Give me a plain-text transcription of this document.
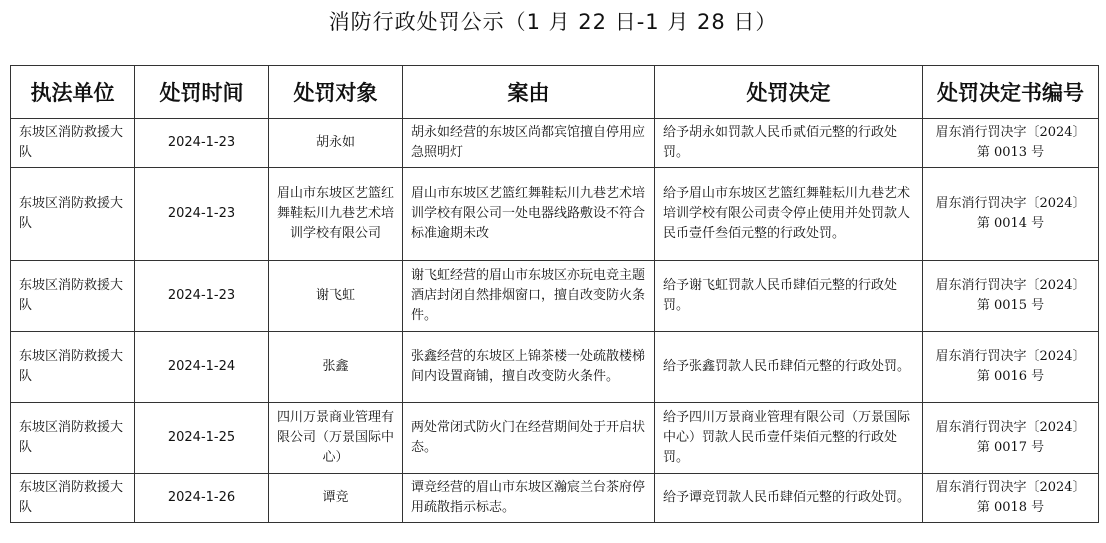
消防行政处罚公示（1 月 22 日-1 月 28 日）
执法单位	处罚时间	处罚对象	案由	处罚决定	处罚决定书编号
东坡区消防救援大队	2024-1-23	胡永如	胡永如经营的东坡区尚都宾馆擅自停用应急照明灯	给予胡永如罚款人民币贰佰元整的行政处罚。	眉东消行罚决字〔2024〕第 0013 号
东坡区消防救援大队	2024-1-23	眉山市东坡区艺篮红舞鞋耘川九巷艺术培训学校有限公司	眉山市东坡区艺篮红舞鞋耘川九巷艺术培训学校有限公司一处电器线路敷设不符合标准逾期未改	给予眉山市东坡区艺篮红舞鞋耘川九巷艺术培训学校有限公司责令停止使用并处罚款人民币壹仟叁佰元整的行政处罚。	眉东消行罚决字〔2024〕第 0014 号
东坡区消防救援大队	2024-1-23	谢飞虹	谢飞虹经营的眉山市东坡区亦玩电竞主题酒店封闭自然排烟窗口，擅自改变防火条件。	给予谢飞虹罚款人民币肆佰元整的行政处罚。	眉东消行罚决字〔2024〕第 0015 号
东坡区消防救援大队	2024-1-24	张鑫	张鑫经营的东坡区上锦茶楼一处疏散楼梯间内设置商铺，擅自改变防火条件。	给予张鑫罚款人民币肆佰元整的行政处罚。	眉东消行罚决字〔2024〕第 0016 号
东坡区消防救援大队	2024-1-25	四川万景商业管理有限公司（万景国际中心）	两处常闭式防火门在经营期间处于开启状态。	给予四川万景商业管理有限公司（万景国际中心）罚款人民币壹仟柒佰元整的行政处罚。	眉东消行罚决字〔2024〕第 0017 号
东坡区消防救援大队	2024-1-26	谭竞	谭竞经营的眉山市东坡区瀚宸兰台茶府停用疏散指示标志。	给予谭竞罚款人民币肆佰元整的行政处罚。	眉东消行罚决字〔2024〕第 0018 号
